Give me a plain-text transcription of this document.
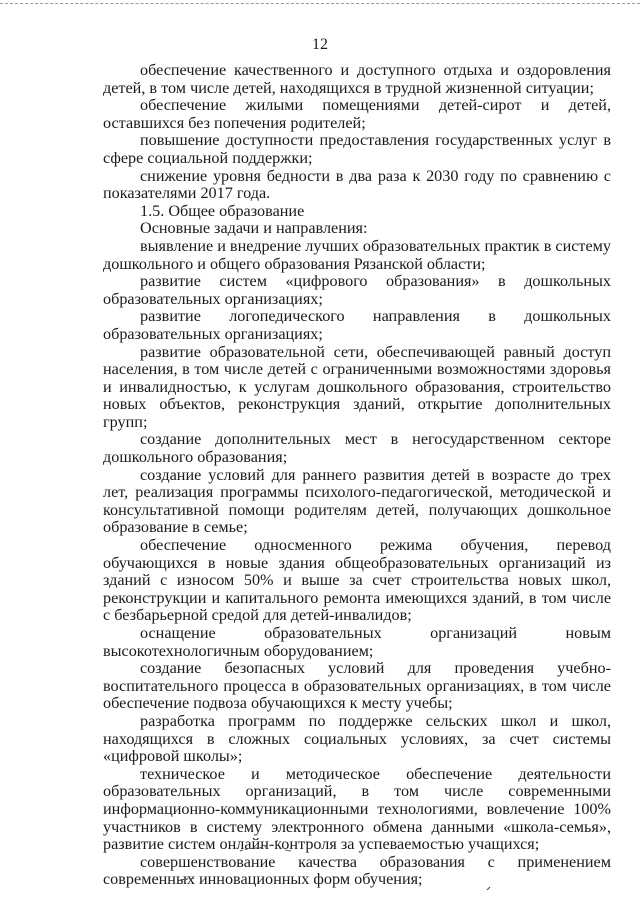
12

обеспечение качественного и доступного отдыха и оздоровления детей, в том числе детей, находящихся в трудной жизненной ситуации;

обеспечение жилыми помещениями детей-сирот и детей, оставшихся без попечения родителей;

повышение доступности предоставления государственных услуг в сфере социальной поддержки;

снижение уровня бедности в два раза к 2030 году по сравнению с показателями 2017 года.

1.5. Общее образование

Основные задачи и направления:

выявление и внедрение лучших образовательных практик в систему дошкольного и общего образования Рязанской области;

развитие систем «цифрового образования» в дошкольных образовательных организациях;

развитие логопедического направления в дошкольных образовательных организациях;

развитие образовательной сети, обеспечивающей равный доступ населения, в том числе детей с ограниченными возможностями здоровья и инвалидностью, к услугам дошкольного образования, строительство новых объектов, реконструкция зданий, открытие дополнительных групп;

создание дополнительных мест в негосударственном секторе дошкольного образования;

создание условий для раннего развития детей в возрасте до трех лет, реализация программы психолого-педагогической, методической и консультативной помощи родителям детей, получающих дошкольное образование в семье;

обеспечение односменного режима обучения, перевод обучающихся в новые здания общеобразовательных организаций из зданий с износом 50% и выше за счет строительства новых школ, реконструкции и капитального ремонта имеющихся зданий, в том числе с безбарьерной средой для детей-инвалидов;

оснащение образовательных организаций новым высокотехнологичным оборудованием;

создание безопасных условий для проведения учебно-воспитательного процесса в образовательных организациях, в том числе обеспечение подвоза обучающихся к месту учебы;

разработка программ по поддержке сельских школ и школ, находящихся в сложных социальных условиях, за счет системы «цифровой школы»;

техническое и методическое обеспечение деятельности образовательных организаций, в том числе современными информационно-коммуникационными технологиями, вовлечение 100% участников в систему электронного обмена данными «школа-семья», развитие систем онлайн-контроля за успеваемостью учащихся;

совершенствование качества образования с применением современных инновационных форм обучения;
